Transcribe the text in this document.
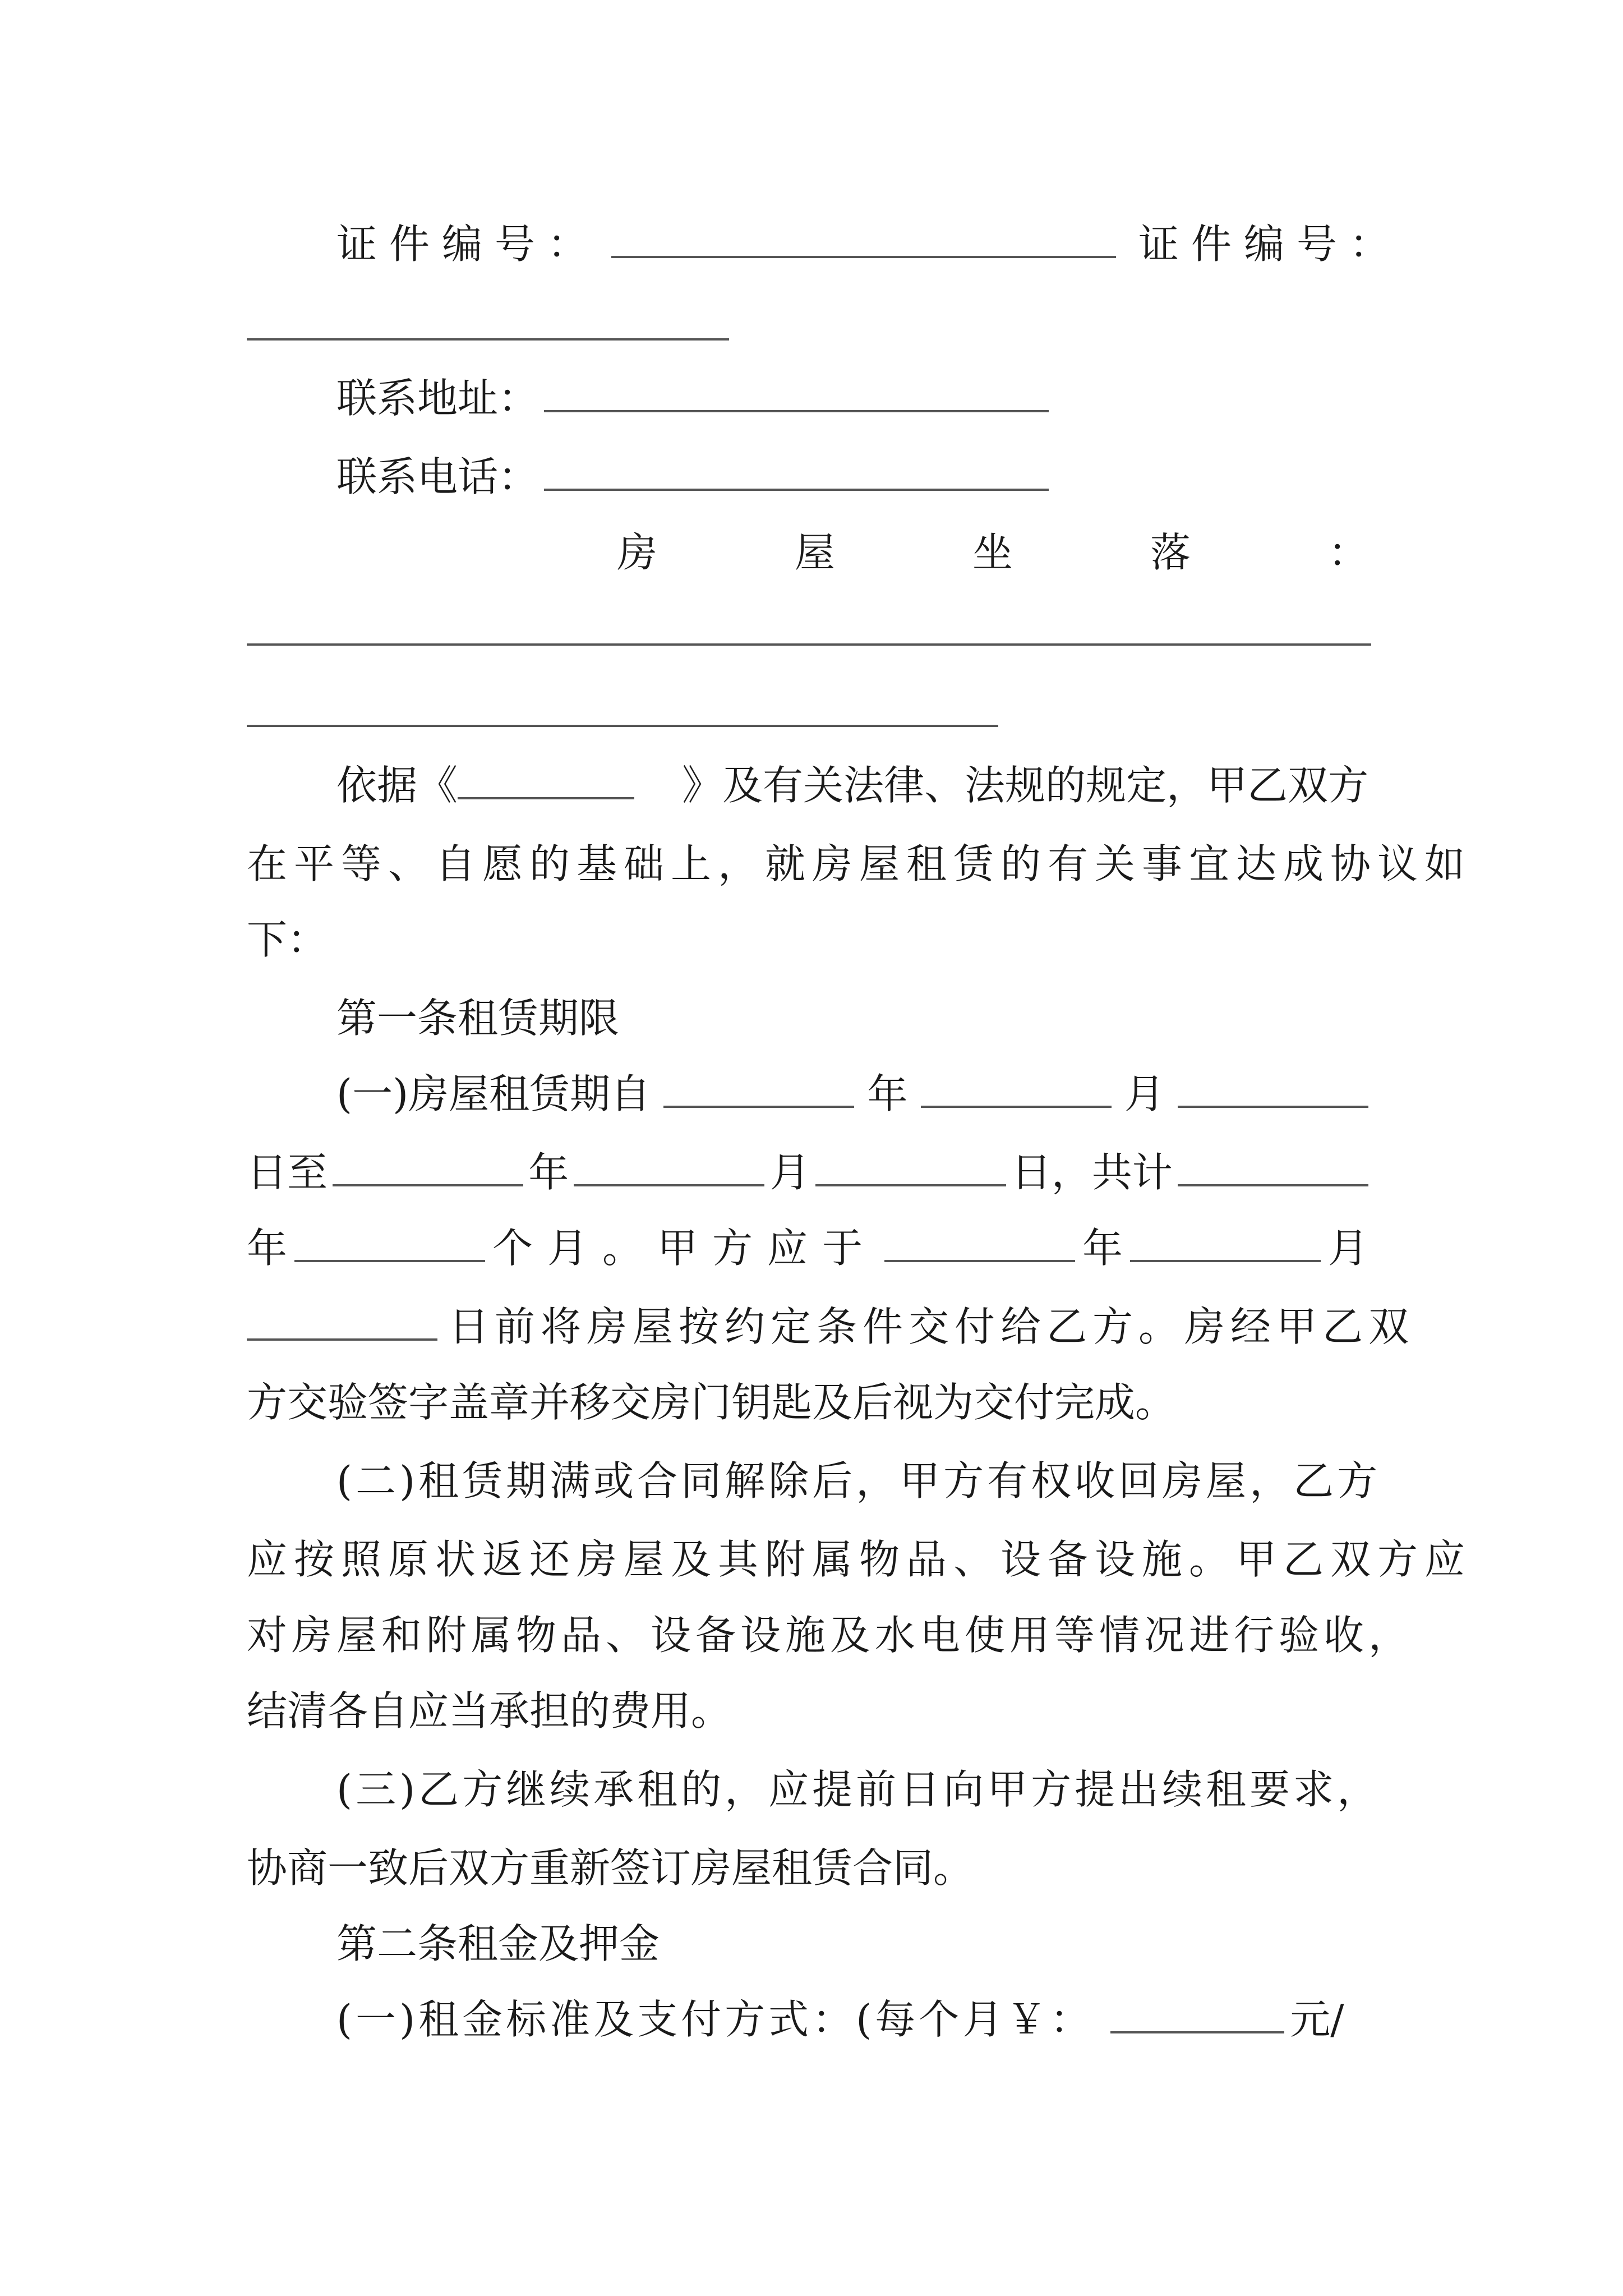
证件编号：	证件编号：
联系地址：
联系电话：
房	屋	坐	落	：
依据《	》及有关法律、法规的规定，甲乙双方
在平等、自愿的基础上，就房屋租赁的有关事宜达成协议如
下：
第一条租赁期限
(一)房屋租赁期自	年	月
日至	年	月	日，共计
年	个月。甲方应于	年	月
日前将房屋按约定条件交付给乙方。房经甲乙双
方交验签字盖章并移交房门钥匙及后视为交付完成。
(二)租赁期满或合同解除后，甲方有权收回房屋，乙方
应按照原状返还房屋及其附属物品、设备设施。甲乙双方应
对房屋和附属物品、设备设施及水电使用等情况进行验收，
结清各自应当承担的费用。
(三)乙方继续承租的，应提前日向甲方提出续租要求，
协商一致后双方重新签订房屋租赁合同。
第二条租金及押金
(一)租金标准及支付方式：(每个月￥：	元/
